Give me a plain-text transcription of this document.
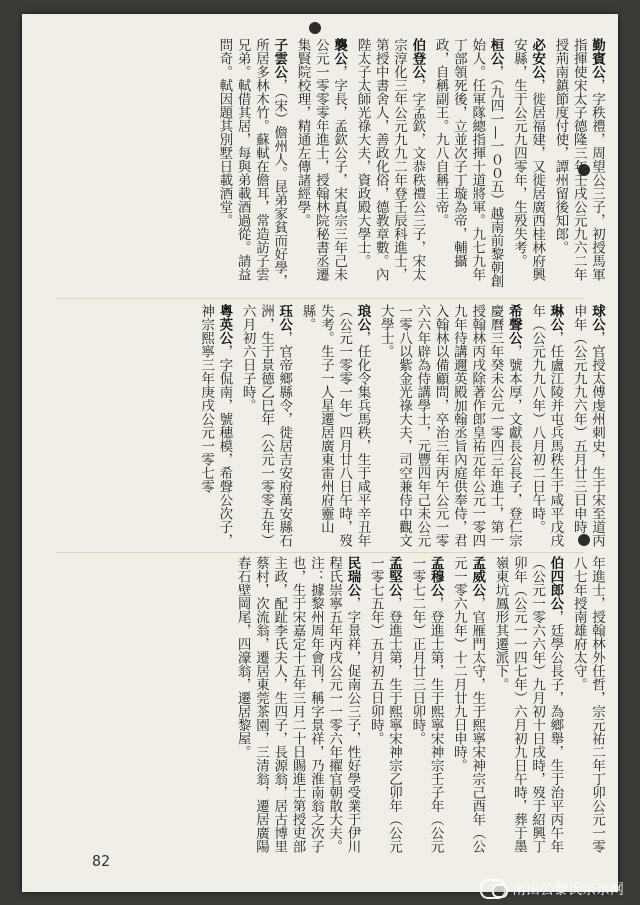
勤賓公，字秩禮，周望公三子，初授馬軍指揮使宋太子德隆三年壬戌公元九六二年授荊南鎮節度付使，譚州留後知郎。
必安公，徙居福建，又徙居廣西桂林府興安縣，生于公元九四零年，生殁失考。
桓公，（九四一—一００五）越南前黎朝創始人。任軍隊總指揮十道將軍。九七九年丁部領死後，立並次子丁璇為帝，輔攝政，自稱副王。九八自稱王帝。
伯登公，字孟欽，文恭秩禮公三子，宋太宗淳化三年公元九九二年登壬辰科進士，第授中書舍人，善政化俗，德教章數。內陛太子太師光祿大夫，資政殿大學士。
襲公，字長，孟欽公子，宋真宗三年己未公元一零零零年進士，授翰林院秘書丞遷集賢院校理，精通左傳諸經學。
子雲公，（宋）儋州人。昆弟家貧而好學，所居多林木竹。蘇軾在儋耳，常造訪子雲兄弟。軾借其居，每與弟載酒過從。請益問奇。軾因題其別墅日載酒堂。
球公，官授太傅虔州刺史，生于宋至道丙申年（公元九九六年）五月廿三日申時。
琳公，任盧江陵并屯兵馬秩生于咸平戊戌年（公元九九八年）八月初二日午時。
希聲公，號本厚，文獻長公長子，登仁宗慶曆三年癸未公元一零四三年進士，第一授翰林丙戌除著作郎皇祐元年公元一零四九年待講邇英殿加翰丞旨內庭供奉侍，君入翰林以備顧問，卒治三年丙午公元一零六六年辟為侍講學士，元豐四年己未公元一零八以紫金光祿大夫，司空兼侍中觀文大學士。
琅公，任化令集兵馬秩，生于咸平辛丑年（公元一零零一年）四月廿八日午時，歿失考。生子一人星遷居廣東雷州府靈山縣。
珏公，官帝鄉縣令，徙居吉安府萬安縣石洲，生于景德乙巳年（公元一零零五年）六月初六日子時。
粵英公，字侃南，號穗模，希聲公次子，神宗熙寧三年庚戌公元一零七零
年進士，授翰林外任哲，宗元祐二年丁卯公元一零八七年授南雄府太守。
伯四郎公，廷學公長子，為鄉舉，生于治平丙午年（公元一零六六年）九月初十日戌時，歿于紹興丁卯年（公元一一四七年）六月初九日午時，葬于墨嶺東坑鳳形其遷派下。
孟威公，官雁門太守，生于熙寧宋神宗己酉年（公元一零六九年）十二月廿九日申時。
孟穆公，登進士第，生于熙寧宋神宗壬子年（公元一零七二年）正月廿三日卯時。
孟堅公，登進士第，生于熙寧宋神宗乙卯年（公元一零七五年）五月初五日卯時。
民瑞公，字景祥，促南公三子，性好學受業于伊川程氏崇寧五年丙戌公元一一零六年擢官朝散大夫。注：據黎州周年會刊，稱字景祥，乃淮南翁之次子也，生于宋嘉定十五年三月二十日賜進士第授吏部主政，配趾李氏夫人，生四子，長源翁，居古博里蔡村，次流翁，遷居東莞茶園，三清翁，遷居廣陽春石壁岡尾，四濠翁，遷居黎屋。
82
南田公黎氏宗亲网
